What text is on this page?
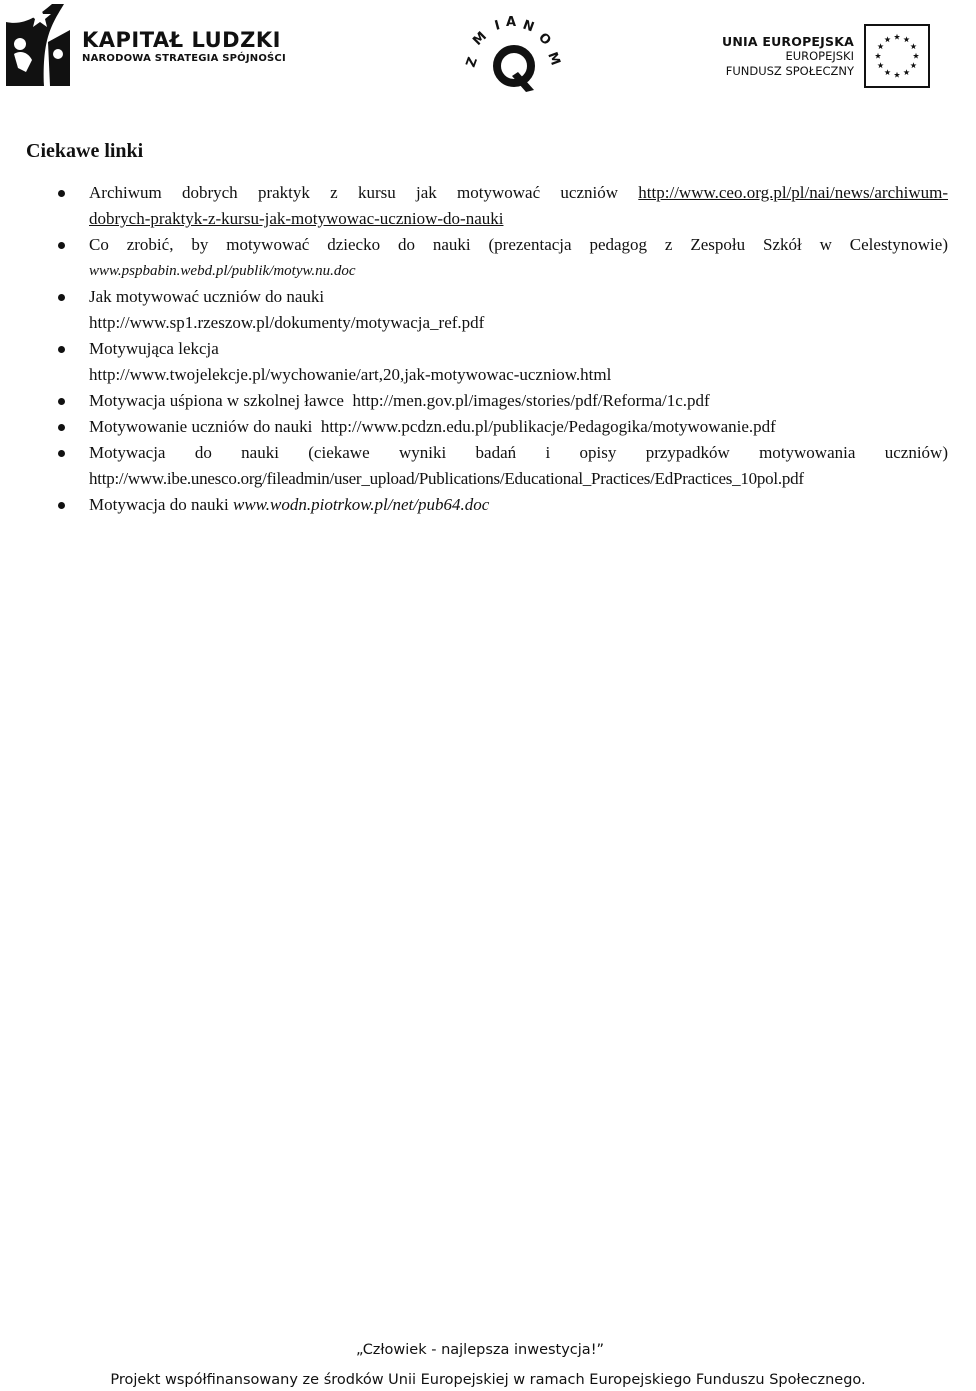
KAPITAŁ LUDZKI
NARODOWA STRATEGIA SPÓJNOŚCI	Z
M
I A N
O
M
UNIA EUROPEJSKA
EUROPEJSKI
FUNDUSZ SPOŁECZNY
Ciekawe linki
Archiwum dobrych praktyk z kursu jak motywować uczniów http://www.ceo.org.pl/pl/nai/news/archiwum-
dobrych-praktyk-z-kursu-jak-motywowac-uczniow-do-nauki
Co zrobić, by motywować dziecko do nauki (prezentacja pedagog z Zespołu Szkół w Celestynowie)
www.pspbabin.webd.pl/publik/motyw.nu.doc
Jak motywować uczniów do nauki
http://www.sp1.rzeszow.pl/dokumenty/motywacja_ref.pdf
Motywująca lekcja
http://www.twojelekcje.pl/wychowanie/art,20,jak-motywowac-uczniow.html
Motywacja uśpiona w szkolnej ławce http://men.gov.pl/images/stories/pdf/Reforma/1c.pdf
Motywowanie uczniów do nauki http://www.pcdzn.edu.pl/publikacje/Pedagogika/motywowanie.pdf
Motywacja do nauki (ciekawe wyniki badań i opisy przypadków motywowania uczniów)
http://www.ibe.unesco.org/fileadmin/user_upload/Publications/Educational_Practices/EdPractices_10pol.pdf
Motywacja do nauki www.wodn.piotrkow.pl/net/pub64.doc
„Człowiek - najlepsza inwestycja!”
Projekt współfinansowany ze środków Unii Europejskiej w ramach Europejskiego Funduszu Społecznego.
